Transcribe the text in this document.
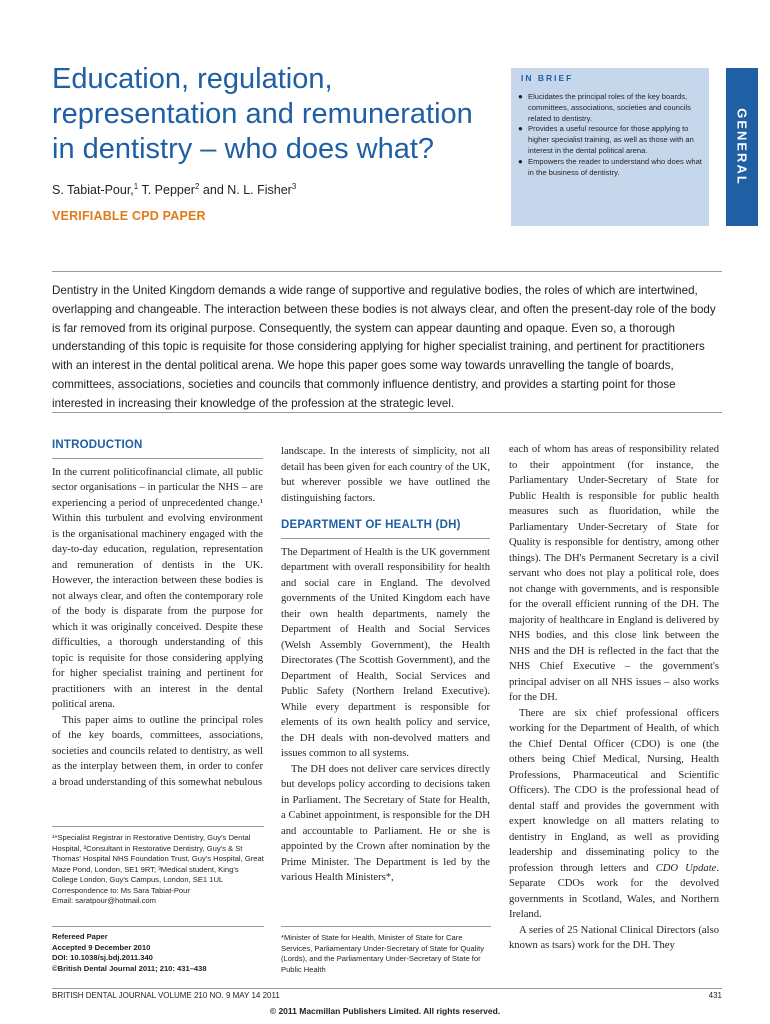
Education, regulation, representation and remuneration in dentistry – who does what?
S. Tabiat-Pour,$^1$ T. Pepper$^2$ and N. L. Fisher$^3$
VERIFIABLE CPD PAPER
IN BRIEF
● Elucidates the principal roles of the key boards, committees, associations, societies and councils related to dentistry.
● Provides a useful resource for those applying to higher specialist training, as well as those with an interest in the dental political arena.
● Empowers the reader to understand who does what in the business of dentistry.	GENERAL
Dentistry in the United Kingdom demands a wide range of supportive and regulative bodies, the roles of which are intertwined, overlapping and changeable. The interaction between these bodies is not always clear, and often the present-day role of the body is far removed from its original purpose. Consequently, the system can appear daunting and opaque. Even so, a thorough understanding of this topic is requisite for those considering applying for higher specialist training, and pertinent for practitioners with an interest in the dental political arena. We hope this paper goes some way towards unravelling the tangle of boards, committees, associations, societies and councils that commonly influence dentistry, and provides a starting point for those interested in increasing their knowledge of the profession at the strategic level.
INTRODUCTION

In the current politicofinancial climate, all public sector organisations – in particular the NHS – are experiencing a period of unprecedented change.¹ Within this turbulent and evolving environment is the organisational machinery engaged with the day-to-day education, regulation, representation and remuneration of dentists in the UK. However, the interaction between these bodies is not always clear, and often the contemporary role of the body is disparate from the purpose for which it was originally conceived. Despite these difficulties, a thorough understanding of this topic is requisite for those considering applying for higher specialist training and pertinent for practitioners with an interest in the dental political arena.

This paper aims to outline the principal roles of the key boards, committees, associations, societies and councils related to dentistry, as well as the interplay between them, in order to confer a broad understanding of this somewhat nebulous

landscape. In the interests of simplicity, not all detail has been given for each country of the UK, but wherever possible we have outlined the distinguishing factors.

DEPARTMENT OF HEALTH (DH)

The Department of Health is the UK government department with overall responsibility for health and social care in England. The devolved governments of the United Kingdom each have their own health departments, namely the Department of Health and Social Services (Welsh Assembly Government), the Health Directorates (The Scottish Government), and the Department of Health, Social Services and Public Safety (Northern Ireland Executive). While every department is responsible for elements of its own health policy and service, the DH deals with non-devolved matters and issues common to all systems.

The DH does not deliver care services directly but develops policy according to decisions taken in Parliament. The Secretary of State for Health, a Cabinet appointment, is responsible for the DH and accountable to Parliament. He or she is appointed by the Crown after nomination by the Prime Minister. The Department is led by the various Health Ministers*,

each of whom has areas of responsibility related to their appointment (for instance, the Parliamentary Under-Secretary of State for Public Health is responsible for public health measures such as fluoridation, while the Parliamentary Under-Secretary of State for Quality is responsible for dentistry, among other things). The DH's Permanent Secretary is a civil servant who does not play a political role, does not change with governments, and is responsible for the overall efficient running of the DH. The majority of healthcare in England is delivered by NHS bodies, and this close link between the NHS and the DH is reflected in the fact that the NHS Chief Executive – the government's principal adviser on all NHS issues – also works for the DH.

There are six chief professional officers working for the Department of Health, of which the Chief Dental Officer (CDO) is one (the others being Chief Medical, Nursing, Health Professions, Pharmaceutical and Scientific Officers). The CDO is the professional head of dental staff and provides the government with expert knowledge on all matters relating to dentistry in England, as well as providing leadership and disseminating policy to the profession through letters and CDO Update. Separate CDOs work for the devolved governments in Scotland, Wales, and Northern Ireland.

A series of 25 National Clinical Directors (also known as tsars) work for the DH. They

¹*Specialist Registrar in Restorative Dentistry, Guy's Dental Hospital, ²Consultant in Restorative Dentistry, Guy's & St Thomas' Hospital NHS Foundation Trust, Guy's Hospital, Great Maze Pond, London, SE1 9RT; ³Medical student, King's College London, Guy's Campus, London, SE1 1UL
Correspondence to: Ms Sara Tabiat-Pour
Email: saratpour@hotmail.com
Refereed Paper
Accepted 9 December 2010
DOI: 10.1038/sj.bdj.2011.340
©British Dental Journal 2011; 210: 431–438
*Minister of State for Health, Minister of State for Care Services, Parliamentary Under-Secretary of State for Quality (Lords), and the Parliamentary Under-Secretary of State for Public Health
BRITISH DENTAL JOURNAL VOLUME 210 NO. 9 MAY 14 2011	431
© 2011 Macmillan Publishers Limited. All rights reserved.
